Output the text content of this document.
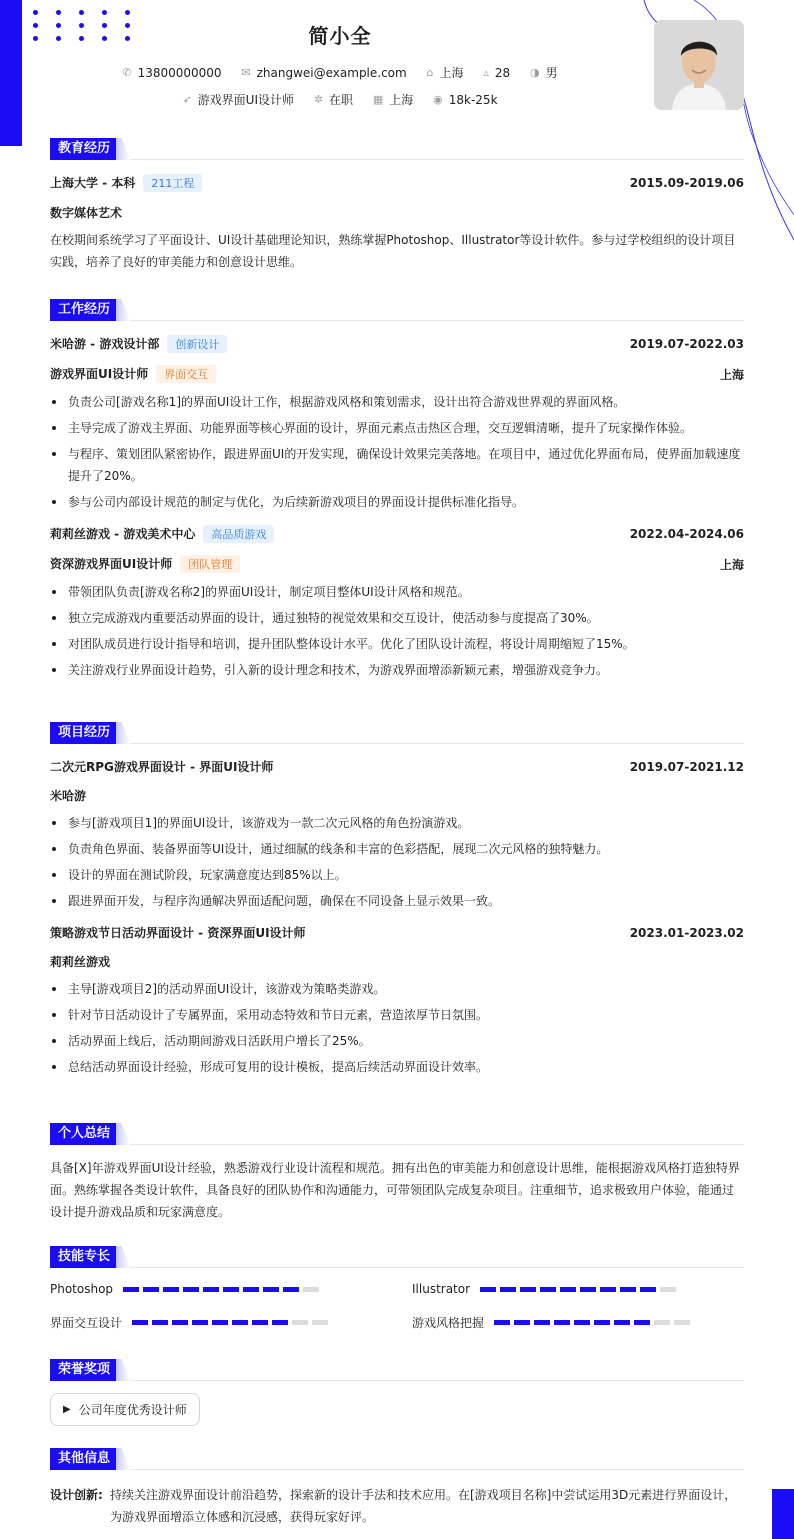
简小全
✆ 13800000000
✉ zhangwei@example.com
⌂ 上海
▵ 28
◑ 男
➶ 游戏界面UI设计师
✲ 在职
▦ 上海
◉ 18k-25k
教育经历
上海大学 - 本科 211工程	2015.09-2019.06
数字媒体艺术
在校期间系统学习了平面设计、UI设计基础理论知识，熟练掌握Photoshop、Illustrator等设计软件。参与过学校组织的设计项目实践，培养了良好的审美能力和创意设计思维。
工作经历
米哈游 - 游戏设计部 创新设计	2019.07-2022.03
游戏界面UI设计师 界面交互	上海
负责公司[游戏名称1]的界面UI设计工作，根据游戏风格和策划需求，设计出符合游戏世界观的界面风格。
主导完成了游戏主界面、功能界面等核心界面的设计，界面元素点击热区合理，交互逻辑清晰，提升了玩家操作体验。
与程序、策划团队紧密协作，跟进界面UI的开发实现，确保设计效果完美落地。在项目中，通过优化界面布局，使界面加载速度提升了20%。
参与公司内部设计规范的制定与优化，为后续新游戏项目的界面设计提供标准化指导。
莉莉丝游戏 - 游戏美术中心 高品质游戏	2022.04-2024.06
资深游戏界面UI设计师 团队管理	上海
带领团队负责[游戏名称2]的界面UI设计，制定项目整体UI设计风格和规范。
独立完成游戏内重要活动界面的设计，通过独特的视觉效果和交互设计，使活动参与度提高了30%。
对团队成员进行设计指导和培训，提升团队整体设计水平。优化了团队设计流程，将设计周期缩短了15%。
关注游戏行业界面设计趋势，引入新的设计理念和技术，为游戏界面增添新颖元素，增强游戏竞争力。
项目经历
二次元RPG游戏界面设计 - 界面UI设计师	2019.07-2021.12
米哈游
参与[游戏项目1]的界面UI设计，该游戏为一款二次元风格的角色扮演游戏。
负责角色界面、装备界面等UI设计，通过细腻的线条和丰富的色彩搭配，展现二次元风格的独特魅力。
设计的界面在测试阶段，玩家满意度达到85%以上。
跟进界面开发，与程序沟通解决界面适配问题，确保在不同设备上显示效果一致。
策略游戏节日活动界面设计 - 资深界面UI设计师	2023.01-2023.02
莉莉丝游戏
主导[游戏项目2]的活动界面UI设计，该游戏为策略类游戏。
针对节日活动设计了专属界面，采用动态特效和节日元素，营造浓厚节日氛围。
活动界面上线后，活动期间游戏日活跃用户增长了25%。
总结活动界面设计经验，形成可复用的设计模板，提高后续活动界面设计效率。
个人总结
具备[X]年游戏界面UI设计经验，熟悉游戏行业设计流程和规范。拥有出色的审美能力和创意设计思维，能根据游戏风格打造独特界面。熟练掌握各类设计软件，具备良好的团队协作和沟通能力，可带领团队完成复杂项目。注重细节，追求极致用户体验，能通过设计提升游戏品质和玩家满意度。
技能专长
Photoshop	Illustrator
界面交互设计	游戏风格把握
荣誉奖项
▶ 公司年度优秀设计师
其他信息
设计创新: 持续关注游戏界面设计前沿趋势，探索新的设计手法和技术应用。在[游戏项目名称]中尝试运用3D元素进行界面设计，为游戏界面增添立体感和沉浸感，获得玩家好评。
